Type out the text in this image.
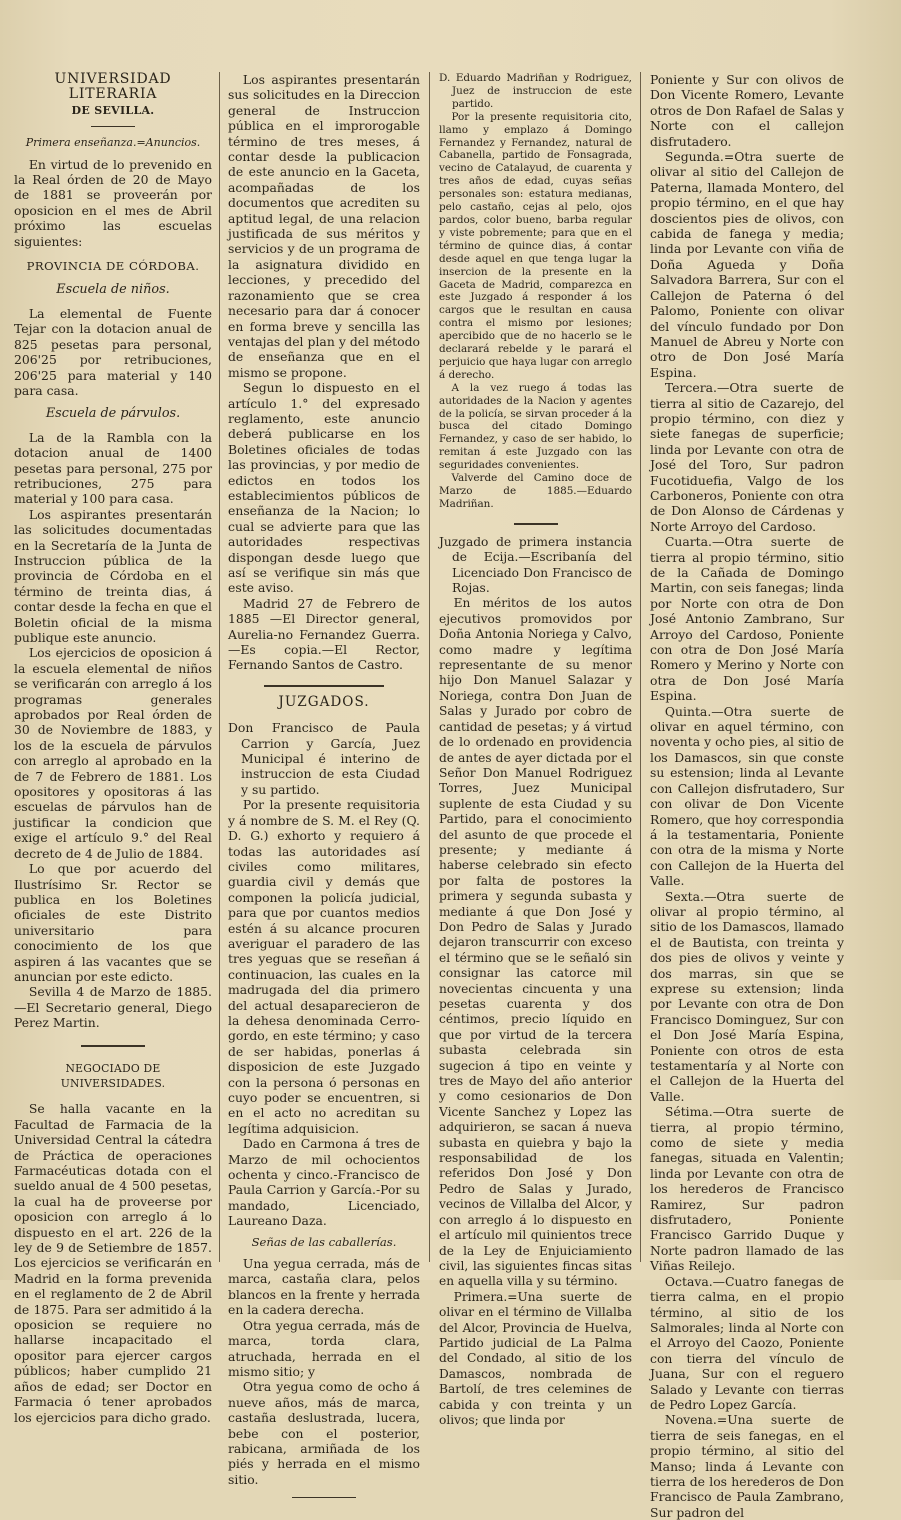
UNIVERSIDAD LITERARIA

DE SEVILLA.

Primera enseñanza.=Anuncios.

En virtud de lo prevenido en la Real órden de 20 de Mayo de 1881 se proveerán por oposicion en el mes de Abril próximo las escuelas siguientes:

PROVINCIA DE CÓRDOBA.

Escuela de niños.

La elemental de Fuente Tejar con la dotacion anual de 825 pesetas para personal, 206'25 por retribuciones, 206'25 para material y 140 para casa.

Escuela de párvulos.

La de la Rambla con la dotacion anual de 1400 pesetas para personal, 275 por retribuciones, 275 para material y 100 para casa.

Los aspirantes presentarán las solicitudes documentadas en la Secretaría de la Junta de Instruccion pública de la provincia de Córdoba en el término de treinta dias, á contar desde la fecha en que el Boletin oficial de la misma publique este anuncio.

Los ejercicios de oposicion á la escuela elemental de niños se verificarán con arreglo á los programas generales aprobados por Real órden de 30 de Noviembre de 1883, y los de la escuela de párvulos con arreglo al aprobado en la de 7 de Febrero de 1881. Los opositores y opositoras á las escuelas de párvulos han de justificar la condicion que exige el artículo 9.° del Real decreto de 4 de Julio de 1884.

Lo que por acuerdo del Ilustrísimo Sr. Rector se publica en los Boletines oficiales de este Distrito universitario para conocimiento de los que aspiren á las vacantes que se anuncian por este edicto.

Sevilla 4 de Marzo de 1885. —El Secretario general, Diego Perez Martin.

NEGOCIADO DE UNIVERSIDADES.

Se halla vacante en la Facultad de Farmacia de la Universidad Central la cátedra de Práctica de operaciones Farmacéuticas dotada con el sueldo anual de 4 500 pesetas, la cual ha de proveerse por oposicion con arreglo á lo dispuesto en el art. 226 de la ley de 9 de Setiembre de 1857. Los ejercicios se verificarán en Madrid en la forma prevenida en el reglamento de 2 de Abril de 1875. Para ser admitido á la oposicion se requiere no hallarse incapacitado el opositor para ejercer cargos públicos; haber cumplido 21 años de edad; ser Doctor en Farmacia ó tener aprobados los ejercicios para dicho grado.

Los aspirantes presentarán sus solicitudes en la Direccion general de Instruccion pública en el improrogable término de tres meses, á contar desde la publicacion de este anuncio en la Gaceta, acompañadas de los documentos que acrediten su aptitud legal, de una relacion justificada de sus méritos y servicios y de un programa de la asignatura dividido en lecciones, y precedido del razonamiento que se crea necesario para dar á conocer en forma breve y sencilla las ventajas del plan y del método de enseñanza que en el mismo se propone.

Segun lo dispuesto en el artículo 1.° del expresado reglamento, este anuncio deberá publicarse en los Boletines oficiales de todas las provincias, y por medio de edictos en todos los establecimientos públicos de enseñanza de la Nacion; lo cual se advierte para que las autoridades respectivas dispongan desde luego que así se verifique sin más que este aviso.

Madrid 27 de Febrero de 1885 —El Director general, Aurelia-no Fernandez Guerra.—Es copia.—El Rector, Fernando Santos de Castro.

JUZGADOS.

Don Francisco de Paula Carrion y García, Juez Municipal é interino de instruccion de esta Ciudad y su partido.

Por la presente requisitoria y á nombre de S. M. el Rey (Q. D. G.) exhorto y requiero á todas las autoridades así civiles como militares, guardia civil y demás que componen la policía judicial, para que por cuantos medios estén á su alcance procuren averiguar el paradero de las tres yeguas que se reseñan á continuacion, las cuales en la madrugada del dia primero del actual desaparecieron de la dehesa denominada Cerro-gordo, en este término; y caso de ser habidas, ponerlas á disposicion de este Juzgado con la persona ó personas en cuyo poder se encuentren, si en el acto no acreditan su legítima adquisicion.

Dado en Carmona á tres de Marzo de mil ochocientos ochenta y cinco.-Francisco de Paula Carrion y García.-Por su mandado, Licenciado, Laureano Daza.

Señas de las caballerías.

Una yegua cerrada, más de marca, castaña clara, pelos blancos en la frente y herrada en la cadera derecha.

Otra yegua cerrada, más de marca, torda clara, atruchada, herrada en el mismo sitio; y

Otra yegua como de ocho á nueve años, más de marca, castaña deslustrada, lucera, bebe con el posterior, rabicana, armiñada de los piés y herrada en el mismo sitio.

D. Eduardo Madriñan y Rodriguez, Juez de instruccion de este partido.

Por la presente requisitoria cito, llamo y emplazo á Domingo Fernandez y Fernandez, natural de Cabanella, partido de Fonsagrada, vecino de Catalayud, de cuarenta y tres años de edad, cuyas señas personales son: estatura medianas, pelo castaño, cejas al pelo, ojos pardos, color bueno, barba regular y viste pobremente; para que en el término de quince dias, á contar desde aquel en que tenga lugar la insercion de la presente en la Gaceta de Madrid, comparezca en este Juzgado á responder á los cargos que le resultan en causa contra el mismo por lesiones; apercibido que de no hacerlo se le declarará rebelde y le parará el perjuicio que haya lugar con arreglo á derecho.

A la vez ruego á todas las autoridades de la Nacion y agentes de la policía, se sirvan proceder á la busca del citado Domingo Fernandez, y caso de ser habido, lo remitan á este Juzgado con las seguridades convenientes.

Valverde del Camino doce de Marzo de 1885.—Eduardo Madriñan.

Juzgado de primera instancia de Ecija.—Escribanía del Licenciado Don Francisco de Rojas.

En méritos de los autos ejecutivos promovidos por Doña Antonia Noriega y Calvo, como madre y legítima representante de su menor hijo Don Manuel Salazar y Noriega, contra Don Juan de Salas y Jurado por cobro de cantidad de pesetas; y á virtud de lo ordenado en providencia de antes de ayer dictada por el Señor Don Manuel Rodriguez Torres, Juez Municipal suplente de esta Ciudad y su Partido, para el conocimiento del asunto de que procede el presente; y mediante á haberse celebrado sin efecto por falta de postores la primera y segunda subasta y mediante á que Don José y Don Pedro de Salas y Jurado dejaron transcurrir con exceso el término que se le señaló sin consignar las catorce mil novecientas cincuenta y una pesetas cuarenta y dos céntimos, precio líquido en que por virtud de la tercera subasta celebrada sin sugecion á tipo en veinte y tres de Mayo del año anterior y como cesionarios de Don Vicente Sanchez y Lopez las adquirieron, se sacan á nueva subasta en quiebra y bajo la responsabilidad de los referidos Don José y Don Pedro de Salas y Jurado, vecinos de Villalba del Alcor, y con arreglo á lo dispuesto en el artículo mil quinientos trece de la Ley de Enjuiciamiento civil, las siguientes fincas sitas en aquella villa y su término.

Primera.=Una suerte de olivar en el término de Villalba del Alcor, Provincia de Huelva, Partido judicial de La Palma del Condado, al sitio de los Damascos, nombrada de Bartolí, de tres celemines de cabida y con treinta y un olivos; que linda por

Poniente y Sur con olivos de Don Vicente Romero, Levante otros de Don Rafael de Salas y Norte con el callejon disfrutadero.

Segunda.=Otra suerte de olivar al sitio del Callejon de Paterna, llamada Montero, del propio término, en el que hay doscientos pies de olivos, con cabida de fanega y media; linda por Levante con viña de Doña Agueda y Doña Salvadora Barrera, Sur con el Callejon de Paterna ó del Palomo, Poniente con olivar del vínculo fundado por Don Manuel de Abreu y Norte con otro de Don José María Espina.

Tercera.—Otra suerte de tierra al sitio de Cazarejo, del propio término, con diez y siete fanegas de superficie; linda por Levante con otra de José del Toro, Sur padron Fucotiduefia, Valgo de los Carboneros, Poniente con otra de Don Alonso de Cárdenas y Norte Arroyo del Cardoso.

Cuarta.—Otra suerte de tierra al propio término, sitio de la Cañada de Domingo Martin, con seis fanegas; linda por Norte con otra de Don José Antonio Zambrano, Sur Arroyo del Cardoso, Poniente con otra de Don José María Romero y Merino y Norte con otra de Don José María Espina.

Quinta.—Otra suerte de olivar en aquel término, con noventa y ocho pies, al sitio de los Damascos, sin que conste su estension; linda al Levante con Callejon disfrutadero, Sur con olivar de Don Vicente Romero, que hoy correspondia á la testamentaria, Poniente con otra de la misma y Norte con Callejon de la Huerta del Valle.

Sexta.—Otra suerte de olivar al propio término, al sitio de los Damascos, llamado el de Bautista, con treinta y dos pies de olivos y veinte y dos marras, sin que se exprese su extension; linda por Levante con otra de Don Francisco Dominguez, Sur con el Don José María Espina, Poniente con otros de esta testamentaría y al Norte con el Callejon de la Huerta del Valle.

Sétima.—Otra suerte de tierra, al propio término, como de siete y media fanegas, situada en Valentin; linda por Levante con otra de los herederos de Francisco Ramirez, Sur padron disfrutadero, Poniente Francisco Garrido Duque y Norte padron llamado de las Viñas Reilejo.

Octava.—Cuatro fanegas de tierra calma, en el propio término, al sitio de los Salmorales; linda al Norte con el Arroyo del Caozo, Poniente con tierra del vínculo de Juana, Sur con el reguero Salado y Levante con tierras de Pedro Lopez García.

Novena.=Una suerte de tierra de seis fanegas, en el propio término, al sitio del Manso; linda á Levante con tierra de los herederos de Don Francisco de Paula Zambrano, Sur padron del
